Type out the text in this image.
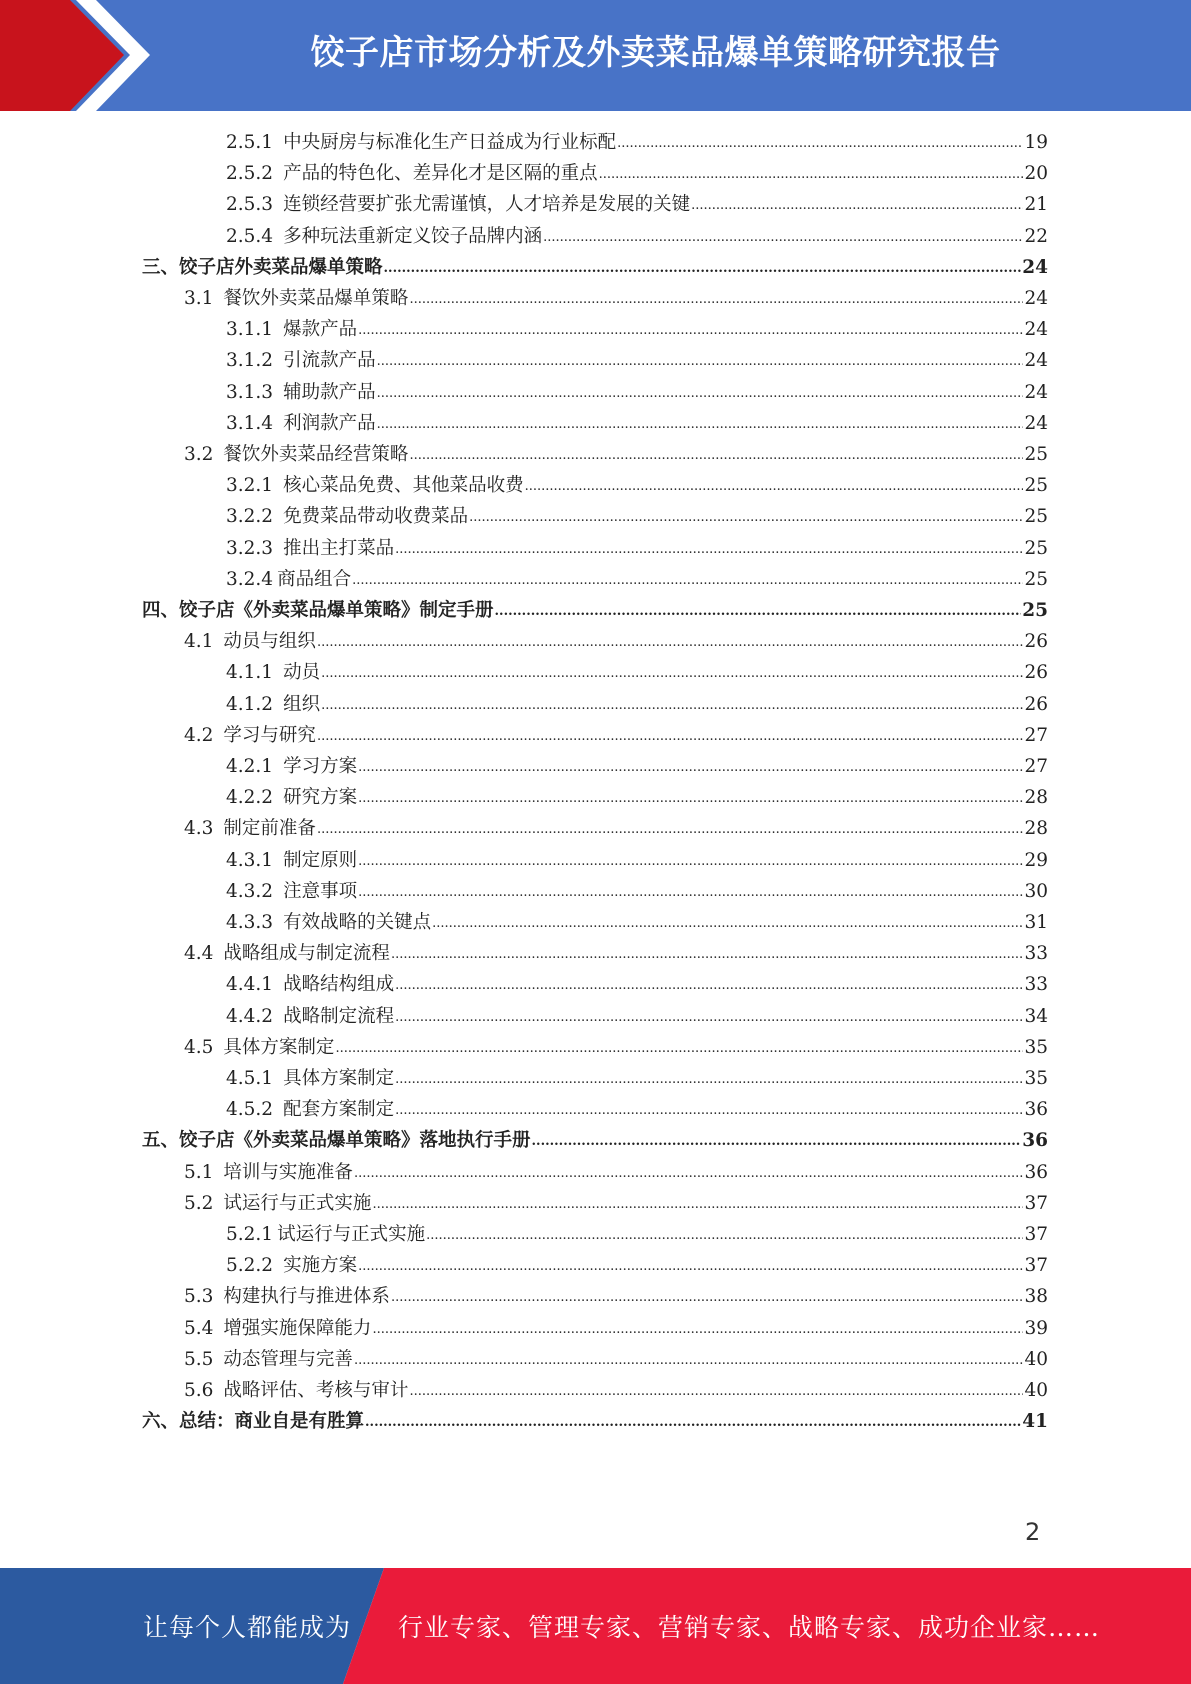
饺子店市场分析及外卖菜品爆单策略研究报告
2.5.1 中央厨房与标准化生产日益成为行业标配 .....	19
2.5.2 产品的特色化、差异化才是区隔的重点 .....	20
2.5.3 连锁经营要扩张尤需谨慎，人才培养是发展的关键 .....	21
2.5.4 多种玩法重新定义饺子品牌内涵 .....	22
三、饺子店外卖菜品爆单策略 .....	24
3.1 餐饮外卖菜品爆单策略 .....	24
3.1.1 爆款产品 .....	24
3.1.2 引流款产品 .....	24
3.1.3 辅助款产品 .....	24
3.1.4 利润款产品 .....	24
3.2 餐饮外卖菜品经营策略 .....	25
3.2.1 核心菜品免费、其他菜品收费 .....	25
3.2.2 免费菜品带动收费菜品 .....	25
3.2.3 推出主打菜品 .....	25
3.2.4 商品组合 .....	25
四、饺子店《外卖菜品爆单策略》制定手册 .....	25
4.1 动员与组织 .....	26
4.1.1 动员 .....	26
4.1.2 组织 .....	26
4.2 学习与研究 .....	27
4.2.1 学习方案 .....	27
4.2.2 研究方案 .....	28
4.3 制定前准备 .....	28
4.3.1 制定原则 .....	29
4.3.2 注意事项 .....	30
4.3.3 有效战略的关键点 .....	31
4.4 战略组成与制定流程 .....	33
4.4.1 战略结构组成 .....	33
4.4.2 战略制定流程 .....	34
4.5 具体方案制定 .....	35
4.5.1 具体方案制定 .....	35
4.5.2 配套方案制定 .....	36
五、饺子店《外卖菜品爆单策略》落地执行手册 .....	36
5.1 培训与实施准备 .....	36
5.2 试运行与正式实施 .....	37
5.2.1 试运行与正式实施 .....	37
5.2.2 实施方案 .....	37
5.3 构建执行与推进体系 .....	38
5.4 增强实施保障能力 .....	39
5.5 动态管理与完善 .....	40
5.6 战略评估、考核与审计 .....	40
六、总结：商业自是有胜算 .....	41
2
让每个人都能成为 行业专家、管理专家、营销专家、战略专家、成功企业家……
